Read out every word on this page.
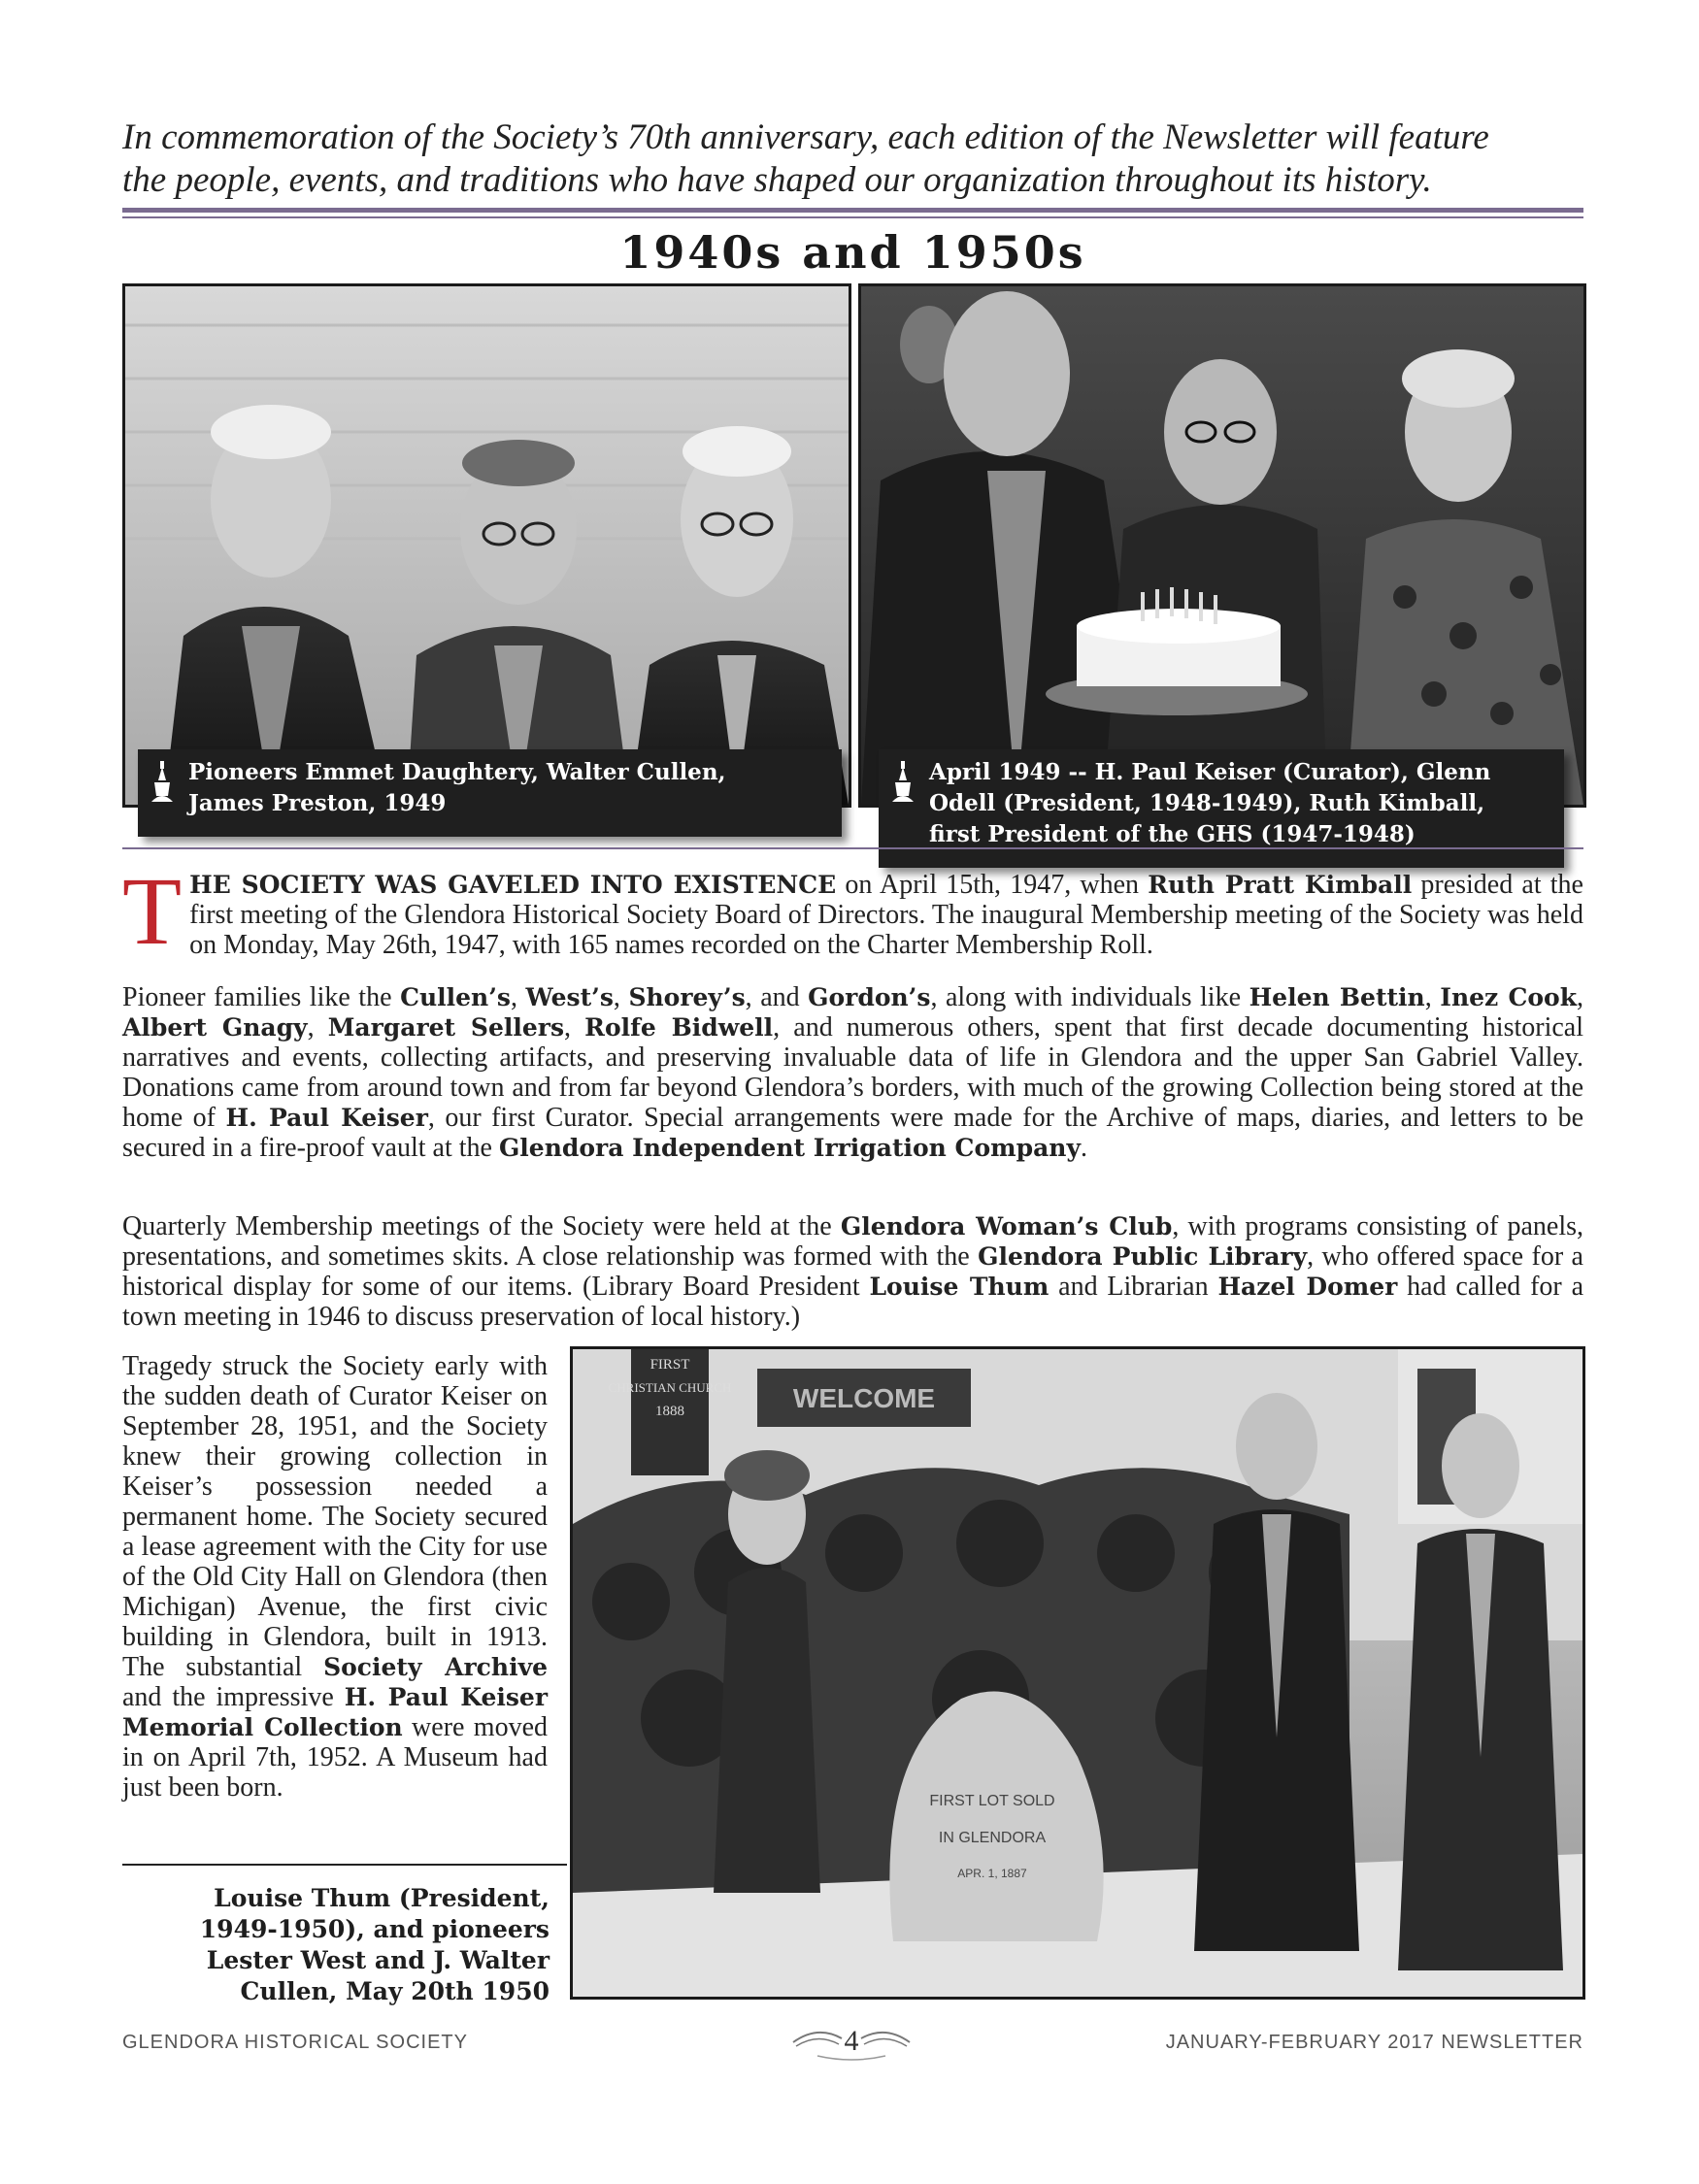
In commemoration of the Society’s 70th anniversary, each edition of the Newsletter will feature
the people, events, and traditions who have shaped our organization throughout its history.

1940s and 1950s
Pioneers Emmet Daughtery, Walter Cullen,
James Preston, 1949
April 1949 -- H. Paul Keiser (Curator), Glenn
Odell (President, 1948-1949), Ruth Kimball,
first President of the GHS (1947-1948)

T HE SOCIETY WAS GAVELED INTO EXISTENCE on April 15th, 1947, when Ruth Pratt Kimball presided at the first meeting of the Glendora Historical Society Board of Directors. The inaugural Membership meeting of the Society was held on Monday, May 26th, 1947, with 165 names recorded on the Charter Membership Roll.

Pioneer families like the Cullen’s, West’s, Shorey’s, and Gordon’s, along with individuals like Helen Bettin, Inez Cook, Albert Gnagy, Margaret Sellers, Rolfe Bidwell, and numerous others, spent that first decade documenting historical narratives and events, collecting artifacts, and preserving invaluable data of life in Glendora and the upper San Gabriel Valley. Donations came from around town and from far beyond Glendora’s borders, with much of the growing Collection being stored at the home of H. Paul Keiser, our first Curator. Special arrangements were made for the Archive of maps, diaries, and letters to be secured in a fire-proof vault at the Glendora Independent Irrigation Company.

Quarterly Membership meetings of the Society were held at the Glendora Woman’s Club, with programs consisting of panels, presentations, and sometimes skits. A close relationship was formed with the Glendora Public Library, who offered space for a historical display for some of our items. (Library Board President Louise Thum and Librarian Hazel Domer had called for a town meeting in 1946 to discuss preservation of local history.)

Tragedy struck the Society early with the sudden death of Curator Keiser on September 28, 1951, and the Society knew their growing collection in Keiser’s possession needed a permanent home. The Society secured a lease agreement with the City for use of the Old City Hall on Glendora (then Michigan) Avenue, the first civic building in Glendora, built in 1913. The substantial Society Archive and the impressive H. Paul Keiser Memorial Collection were moved in on April 7th, 1952. A Museum had just been born.

FIRST
CHRISTIAN CHURCH
1888	WELCOME
FIRST LOT SOLD
IN GLENDORA
APR. 1, 1887

Louise Thum (President,
1949-1950), and pioneers
Lester West and J. Walter
Cullen, May 20th 1950

GLENDORA HISTORICAL SOCIETY	4	JANUARY-FEBRUARY 2017 NEWSLETTER
